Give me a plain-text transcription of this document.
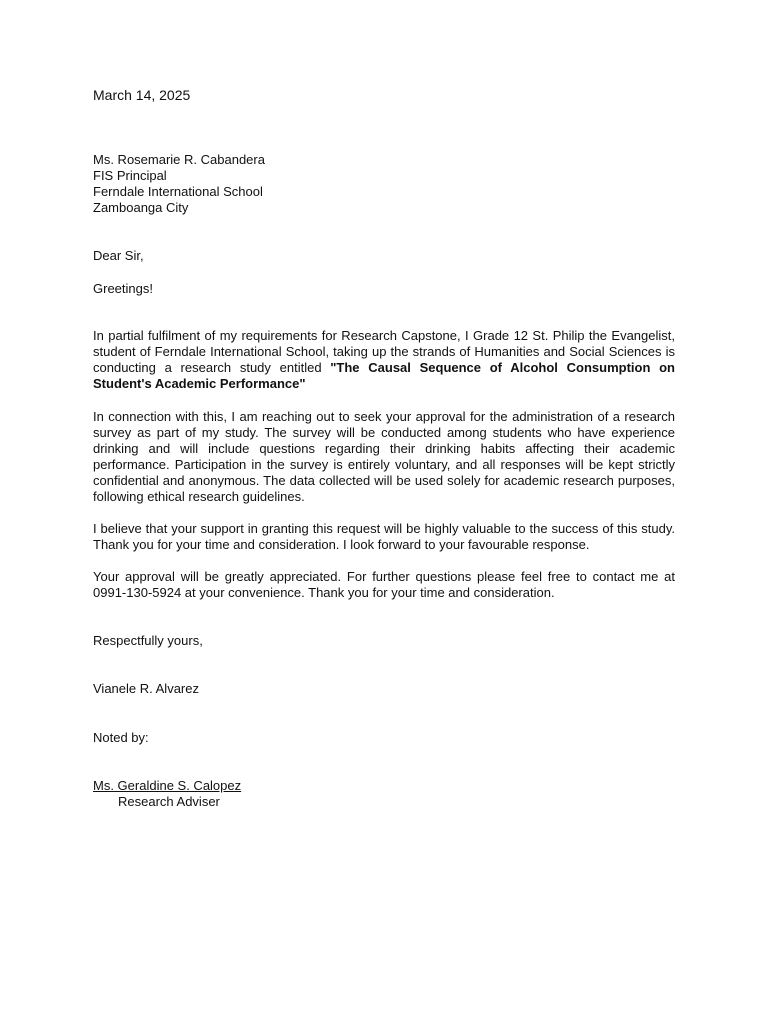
March 14, 2025
Ms. Rosemarie R. Cabandera
FIS Principal
Ferndale International School
Zamboanga City
Dear Sir,
Greetings!

In partial fulfilment of my requirements for Research Capstone, I Grade 12 St. Philip the Evangelist, student of Ferndale International School, taking up the strands of Humanities and Social Sciences is conducting a research study entitled "The Causal Sequence of Alcohol Consumption on Student's Academic Performance"

In connection with this, I am reaching out to seek your approval for the administration of a research survey as part of my study. The survey will be conducted among students who have experience drinking and will include questions regarding their drinking habits affecting their academic performance. Participation in the survey is entirely voluntary, and all responses will be kept strictly confidential and anonymous. The data collected will be used solely for academic research purposes, following ethical research guidelines.

I believe that your support in granting this request will be highly valuable to the success of this study. Thank you for your time and consideration. I look forward to your favourable response.

Your approval will be greatly appreciated. For further questions please feel free to contact me at 0991-130-5924 at your convenience. Thank you for your time and consideration.

Respectfully yours,
Vianele R. Alvarez
Noted by:
Ms. Geraldine S. Calopez
Research Adviser
